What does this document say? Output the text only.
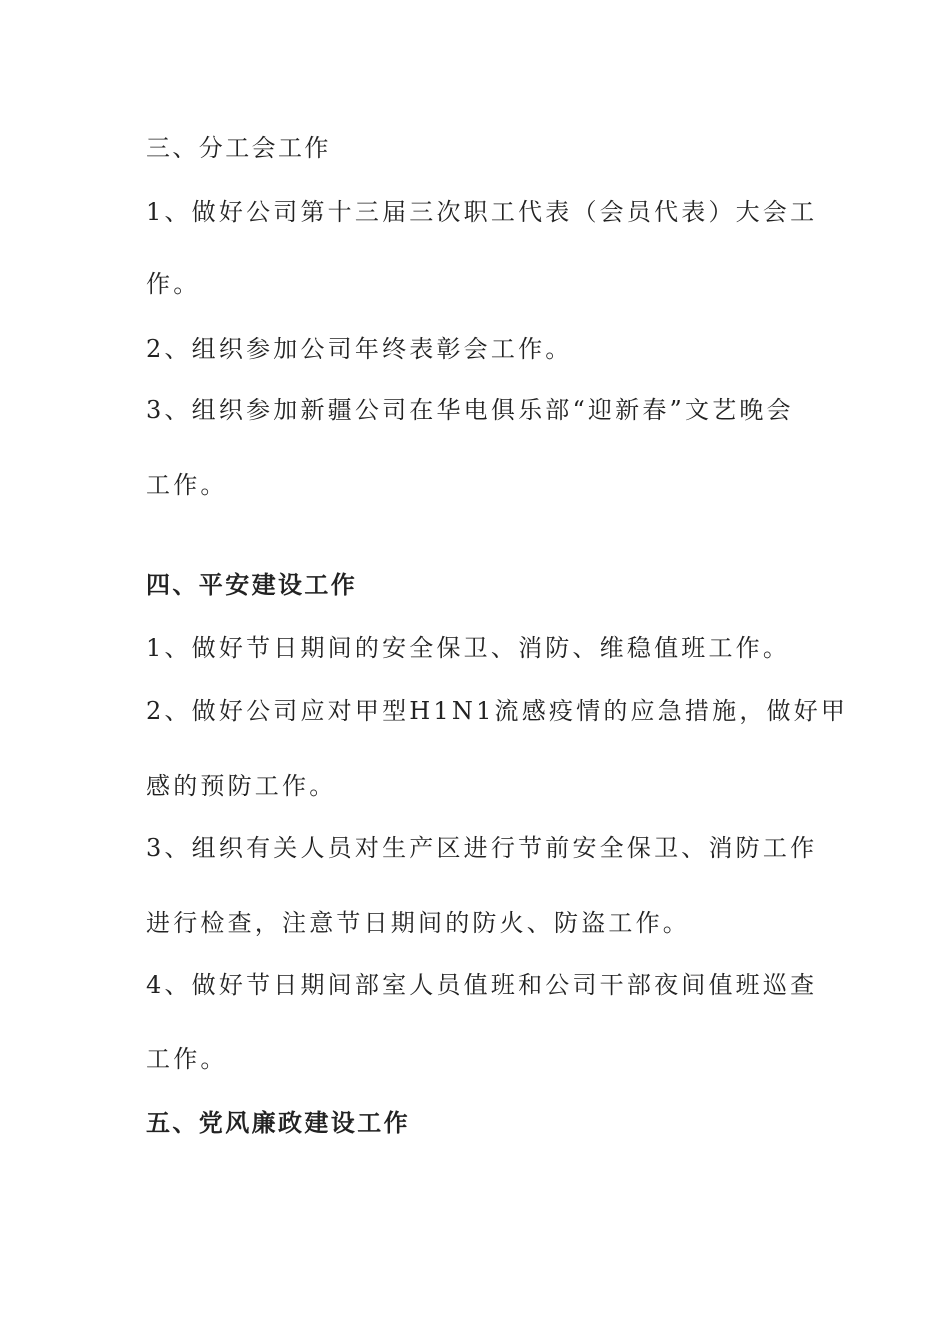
三、分工会工作
1、做好公司第十三届三次职工代表（会员代表）大会工
作。
2、组织参加公司年终表彰会工作。
3、组织参加新疆公司在华电俱乐部“迎新春”文艺晚会
工作。
四、平安建设工作
1、做好节日期间的安全保卫、消防、维稳值班工作。
2、做好公司应对甲型H1N1流感疫情的应急措施，做好甲
感的预防工作。
3、组织有关人员对生产区进行节前安全保卫、消防工作
进行检查，注意节日期间的防火、防盗工作。
4、做好节日期间部室人员值班和公司干部夜间值班巡查
工作。
五、党风廉政建设工作
